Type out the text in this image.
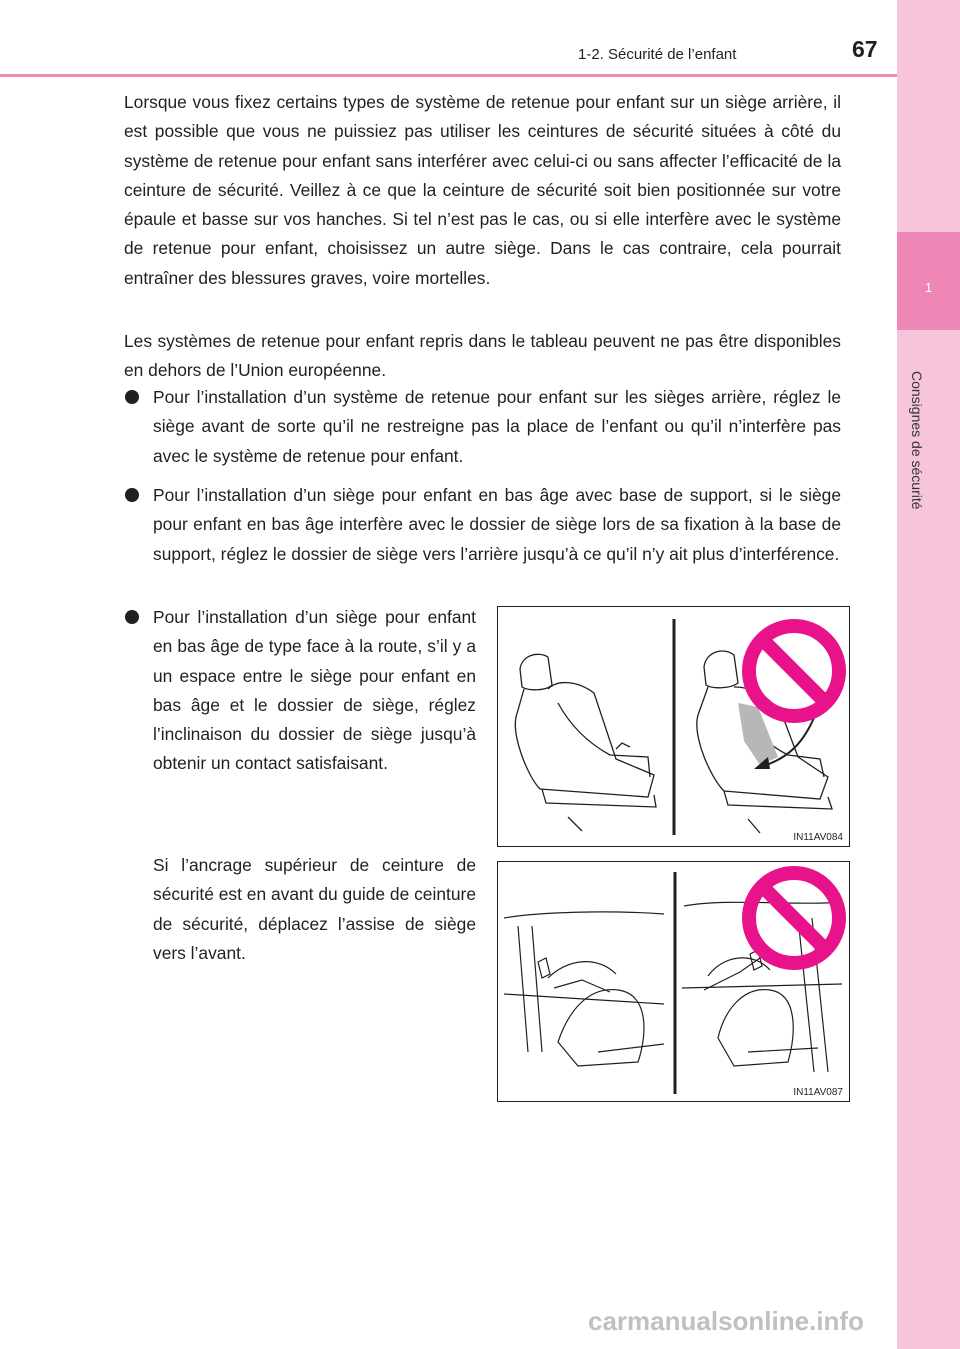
1
Consignes de sécurité
1-2. Sécurité de l’enfant	67

Lorsque vous fixez certains types de système de retenue pour enfant sur un siège arrière, il est possible que vous ne puissiez pas utiliser les ceintures de sécurité situées à côté du système de retenue pour enfant sans interférer avec celui-ci ou sans affecter l’efficacité de la ceinture de sécurité. Veillez à ce que la ceinture de sécurité soit bien positionnée sur votre épaule et basse sur vos hanches. Si tel n’est pas le cas, ou si elle interfère avec le système de retenue pour enfant, choisissez un autre siège. Dans le cas contraire, cela pourrait entraîner des blessures graves, voire mortelles.

Les systèmes de retenue pour enfant repris dans le tableau peuvent ne pas être disponibles en dehors de l’Union européenne.

Pour l’installation d’un système de retenue pour enfant sur les sièges arrière, réglez le siège avant de sorte qu’il ne restreigne pas la place de l’enfant ou qu’il n’interfère pas avec le système de retenue pour enfant.

Pour l’installation d’un siège pour enfant en bas âge avec base de support, si le siège pour enfant en bas âge interfère avec le dossier de siège lors de sa fixation à la base de support, réglez le dossier de siège vers l’arrière jusqu’à ce qu’il n’y ait plus d’interférence.

Pour l’installation d’un siège pour enfant en bas âge de type face à la route, s’il y a un espace entre le siège pour enfant en bas âge et le dossier de siège, réglez l’inclinaison du dossier de siège jusqu’à obtenir un contact satisfaisant.

Si l’ancrage supérieur de ceinture de sécurité est en avant du guide de ceinture de sécurité, déplacez l’assise de siège vers l’avant.

IN11AV084
IN11AV087
carmanualsonline.info
